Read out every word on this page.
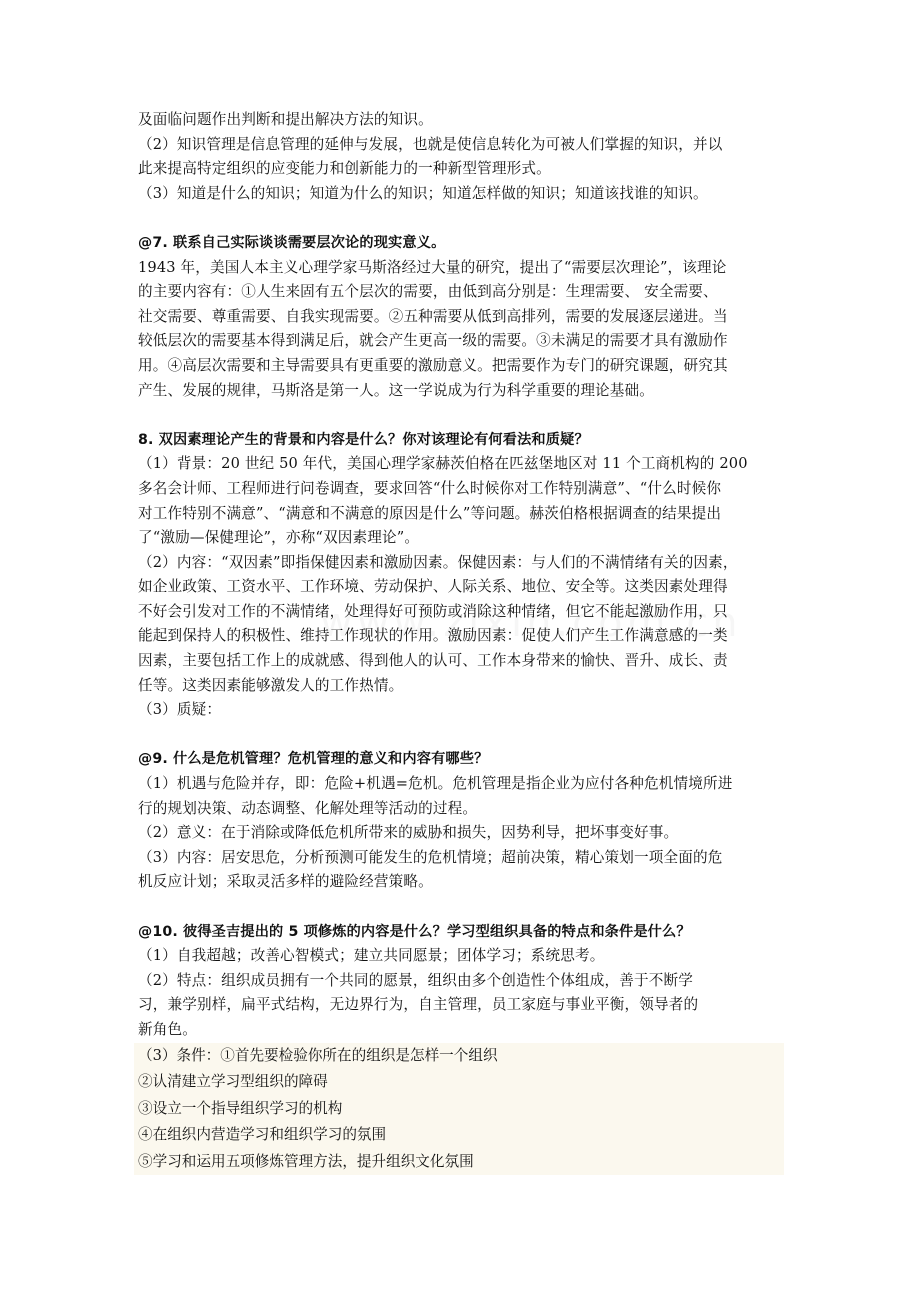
及面临问题作出判断和提出解决方法的知识。
（2）知识管理是信息管理的延伸与发展，也就是使信息转化为可被人们掌握的知识，并以
此来提高特定组织的应变能力和创新能力的一种新型管理形式。
（3）知道是什么的知识；知道为什么的知识；知道怎样做的知识；知道该找谁的知识。
@7. 联系自己实际谈谈需要层次论的现实意义。
1943 年，美国人本主义心理学家马斯洛经过大量的研究，提出了“需要层次理论”，该理论
的主要内容有：①人生来固有五个层次的需要，由低到高分别是：生理需要、 安全需要、
社交需要、尊重需要、自我实现需要。②五种需要从低到高排列，需要的发展逐层递进。当
较低层次的需要基本得到满足后，就会产生更高一级的需要。③未满足的需要才具有激励作
用。④高层次需要和主导需要具有更重要的激励意义。把需要作为专门的研究课题，研究其
产生、发展的规律，马斯洛是第一人。这一学说成为行为科学重要的理论基础。
8. 双因素理论产生的背景和内容是什么？你对该理论有何看法和质疑？
（1）背景：20 世纪 50 年代，美国心理学家赫茨伯格在匹兹堡地区对 11 个工商机构的 200
多名会计师、工程师进行问卷调查，要求回答“什么时候你对工作特别满意”、“什么时候你
对工作特别不满意”、“满意和不满意的原因是什么”等问题。赫茨伯格根据调查的结果提出
了“激励—保健理论”，亦称“双因素理论”。
（2）内容：“双因素”即指保健因素和激励因素。保健因素：与人们的不满情绪有关的因素，
如企业政策、工资水平、工作环境、劳动保护、人际关系、地位、安全等。这类因素处理得
不好会引发对工作的不满情绪，处理得好可预防或消除这种情绪，但它不能起激励作用，只
能起到保持人的积极性、维持工作现状的作用。激励因素：促使人们产生工作满意感的一类
因素，主要包括工作上的成就感、得到他人的认可、工作本身带来的愉快、晋升、成长、责
任等。这类因素能够激发人的工作热情。
（3）质疑：
@9. 什么是危机管理？危机管理的意义和内容有哪些？
（1）机遇与危险并存，即：危险+机遇=危机。危机管理是指企业为应付各种危机情境所进
行的规划决策、动态调整、化解处理等活动的过程。
（2）意义：在于消除或降低危机所带来的威胁和损失，因势利导，把坏事变好事。
（3）内容：居安思危，分析预测可能发生的危机情境；超前决策，精心策划一项全面的危
机反应计划；采取灵活多样的避险经营策略。
@10. 彼得圣吉提出的 5 项修炼的内容是什么？学习型组织具备的特点和条件是什么？
（1）自我超越；改善心智模式；建立共同愿景；团体学习；系统思考。
（2）特点：组织成员拥有一个共同的愿景，组织由多个创造性个体组成，善于不断学
习，兼学别样，扁平式结构，无边界行为，自主管理，员工家庭与事业平衡，领导者的
新角色。
（3）条件：①首先要检验你所在的组织是怎样一个组织
②认清建立学习型组织的障碍
③设立一个指导组织学习的机构
④在组织内营造学习和组织学习的氛围
⑤学习和运用五项修炼管理方法，提升组织文化氛围
